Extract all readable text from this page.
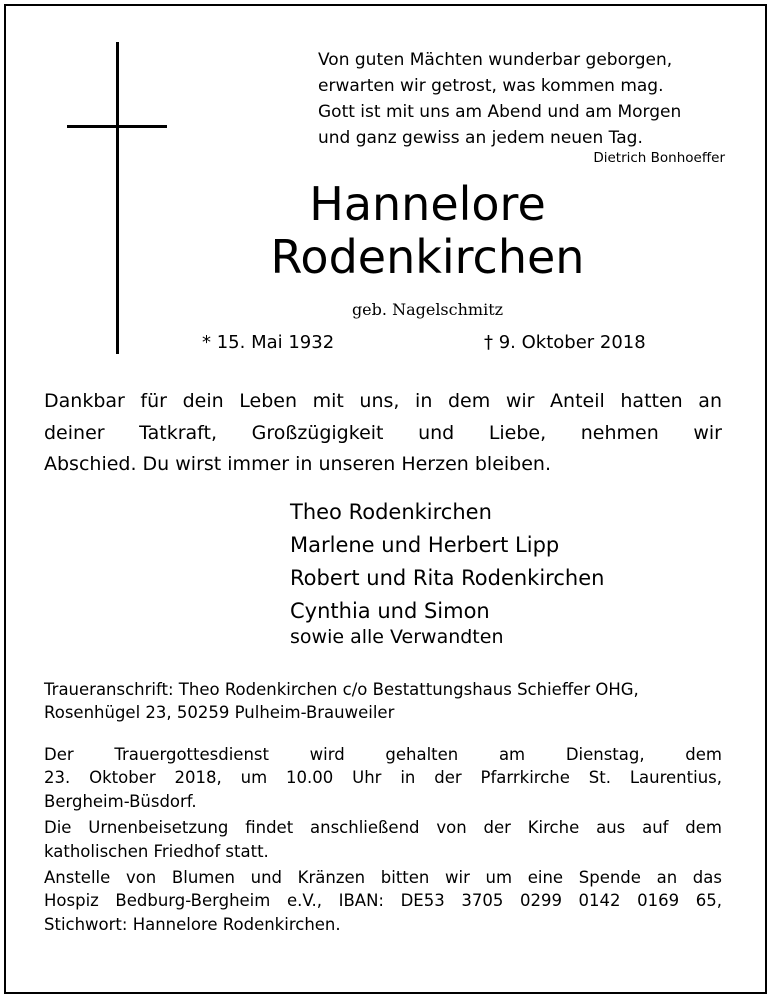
Von guten Mächten wunderbar geborgen,
erwarten wir getrost, was kommen mag.
Gott ist mit uns am Abend und am Morgen
und ganz gewiss an jedem neuen Tag.
Dietrich Bonhoeffer
Hannelore
Rodenkirchen
geb. Nagelschmitz
* 15. Mai 1932	† 9. Oktober 2018
Dankbar für dein Leben mit uns, in dem wir Anteil hatten an
deiner Tatkraft, Großzügigkeit und Liebe, nehmen wir
Abschied. Du wirst immer in unseren Herzen bleiben.
Theo Rodenkirchen
Marlene und Herbert Lipp
Robert und Rita Rodenkirchen
Cynthia und Simon
sowie alle Verwandten
Traueranschrift: Theo Rodenkirchen c/o Bestattungshaus Schieffer OHG,
Rosenhügel 23, 50259 Pulheim-Brauweiler
Der Trauergottesdienst wird gehalten am Dienstag, dem
23. Oktober 2018, um 10.00 Uhr in der Pfarrkirche St. Laurentius,
Bergheim-Büsdorf.
Die Urnenbeisetzung findet anschließend von der Kirche aus auf dem
katholischen Friedhof statt.
Anstelle von Blumen und Kränzen bitten wir um eine Spende an das
Hospiz Bedburg-Bergheim e.V., IBAN: DE53 3705 0299 0142 0169 65,
Stichwort: Hannelore Rodenkirchen.
